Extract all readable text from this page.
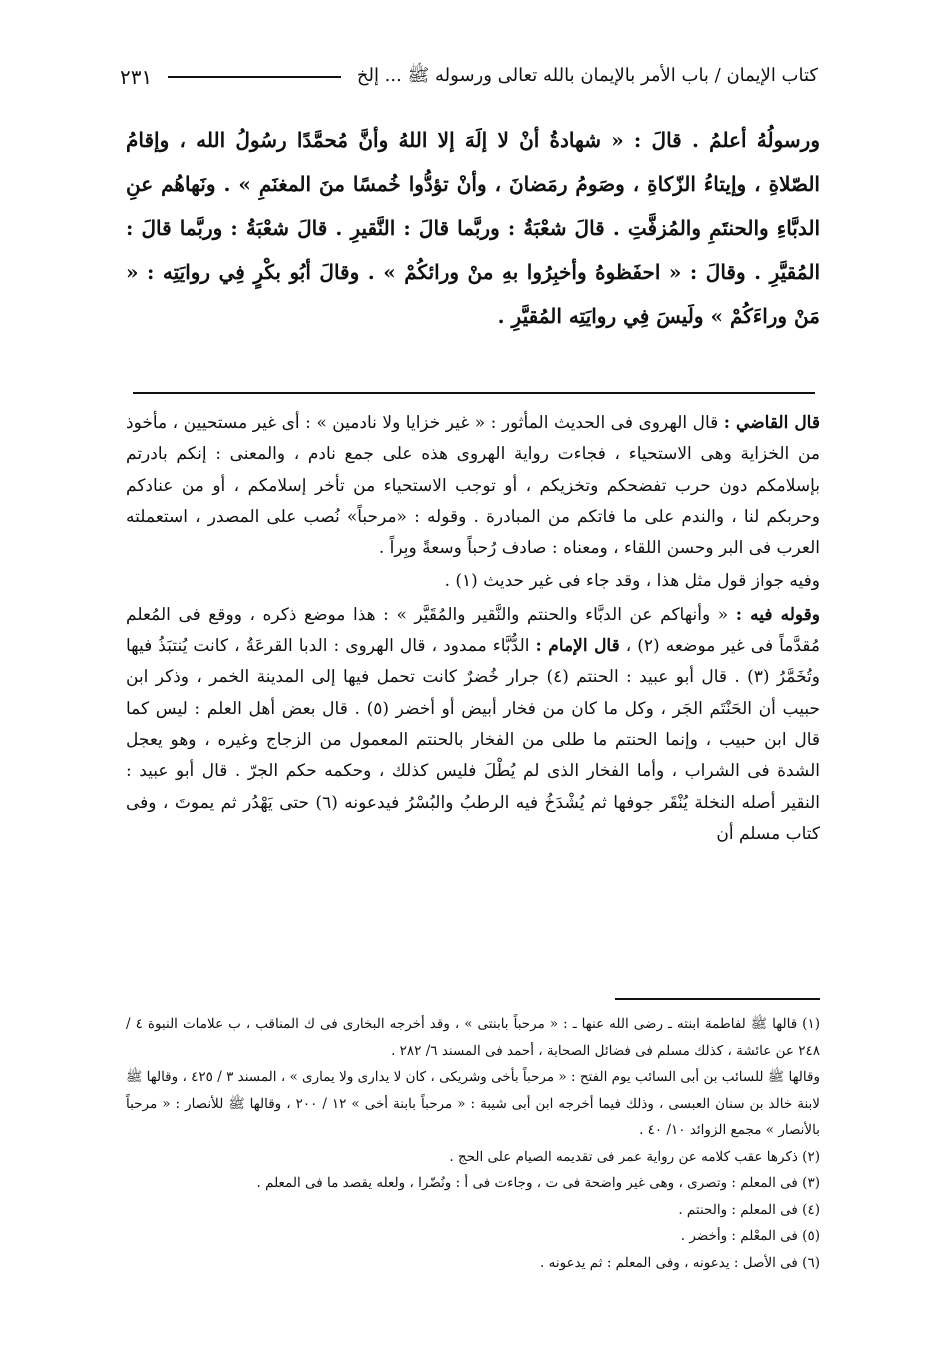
كتاب الإيمان / باب الأمر بالإيمان بالله تعالى ورسوله ﷺ ... إلخ
٢٣١
ورسولُهُ أعلمُ . قالَ : « شهادةُ أنْ لا إلَهَ إلا اللهُ وأنَّ مُحمَّدًا رسُولُ الله ، وإقامُ الصّلاةِ ، وإيتاءُ الزّكاةِ ، وصَومُ رمَضانَ ، وأنْ تؤدُّوا خُمسًا منَ المغنَمِ » . ونَهاهُم عنِ الدبَّاءِ والحنتَمِ والمُزفَّتِ . قالَ شعْبَةُ : وربَّما قالَ : النَّقيرِ . قالَ شعْبَةُ : وربَّما قالَ : المُقيَّرِ . وقالَ : « احفَظوهُ وأخبِرُوا بهِ منْ ورائكُمْ » . وقالَ أبُو بكْرٍ فِي روايَتِه : « مَنْ وراءَكُمْ » ولَيسَ فِي روايَتِه المُقيَّرِ .

قال القاضي : قال الهروى فى الحديث المأثور : « غير خزايا ولا نادمين » : أى غير مستحيين ، مأخوذ من الخزاية وهى الاستحياء ، فجاءت رواية الهروى هذه على جمع نادم ، والمعنى : إنكم بادرتم بإسلامكم دون حرب تفضحكم وتخزيكم ، أو توجب الاستحياء من تأخر إسلامكم ، أو من عنادكم وحربكم لنا ، والندم على ما فاتكم من المبادرة . وقوله : «مرحباً» نُصب على المصدر ، استعملته العرب فى البر وحسن اللقاء ، ومعناه : صادف رُحباً وسعةً وبِراً .

وفيه جواز قول مثل هذا ، وقد جاء فى غير حديث (١) .

وقوله فيه : « وأنهاكم عن الدبَّاء والحنتم والنَّقير والمُقَيَّر » : هذا موضع ذكره ، ووقع فى المُعلم مُقدَّماً فى غير موضعه (٢) ، قال الإمام : الدُّبَّاء ممدود ، قال الهروى : الدبا القرعَةُ ، كانت يُنتبَذُ فيها وتُخَمَّرُ (٣) . قال أبو عبيد : الحنتم (٤) جرار خُضرٌ كانت تحمل فيها إلى المدينة الخمر ، وذكر ابن حبيب أن الحَنْتَم الجَر ، وكل ما كان من فخار أبيض أو أخضر (٥) . قال بعض أهل العلم : ليس كما قال ابن حبيب ، وإنما الحنتم ما طلى من الفخار بالحنتم المعمول من الزجاج وغيره ، وهو يعجل الشدة فى الشراب ، وأما الفخار الذى لم يُطْلَ فليس كذلك ، وحكمه حكم الجرّ . قال أبو عبيد : النقير أصله النخلة يُنْقَر جوفها ثم يُشْدَخُ فيه الرطبُ والبُسْرُ فيدعونه (٦) حتى يَهْدُر ثم يموتَ ، وفى كتاب مسلم أن

(١) قالها ﷺ لفاطمة ابنته ـ رضى الله عنها ـ : « مرحباً بابنتى » ، وقد أخرجه البخارى فى ك المناقب ، ب علامات النبوة ٤ / ٢٤٨ عن عائشة ، كذلك مسلم فى فضائل الصحابة ، أحمد فى المسند ٦/ ٢٨٢ .

وقالها ﷺ للسائب بن أبى السائب يوم الفتح : « مرحباً بأخى وشريكى ، كان لا يدارى ولا يمارى » ، المسند ٣ / ٤٢٥ ، وقالها ﷺ لابنة خالد بن سنان العبسى ، وذلك فيما أخرجه ابن أبى شيبة : « مرحباً بابنة أخى » ١٢ / ٢٠٠ ، وقالها ﷺ للأنصار : « مرحباً بالأنصار » مجمع الزوائد ١٠/ ٤٠ .

(٢) ذكرها عقب كلامه عن رواية عمر فى تقديمه الصيام على الحج .

(٣) فى المعلم : وتصرى ، وهى غير واضحة فى ت ، وجاءت فى أ : ونُضّرا ، ولعله يقصد ما فى المعلم .

(٤) فى المعلم : والحنتم .

(٥) فى المعْلم : وأخضر .

(٦) فى الأصل : يدعونه ، وفى المعلم : ثم يدعونه .
